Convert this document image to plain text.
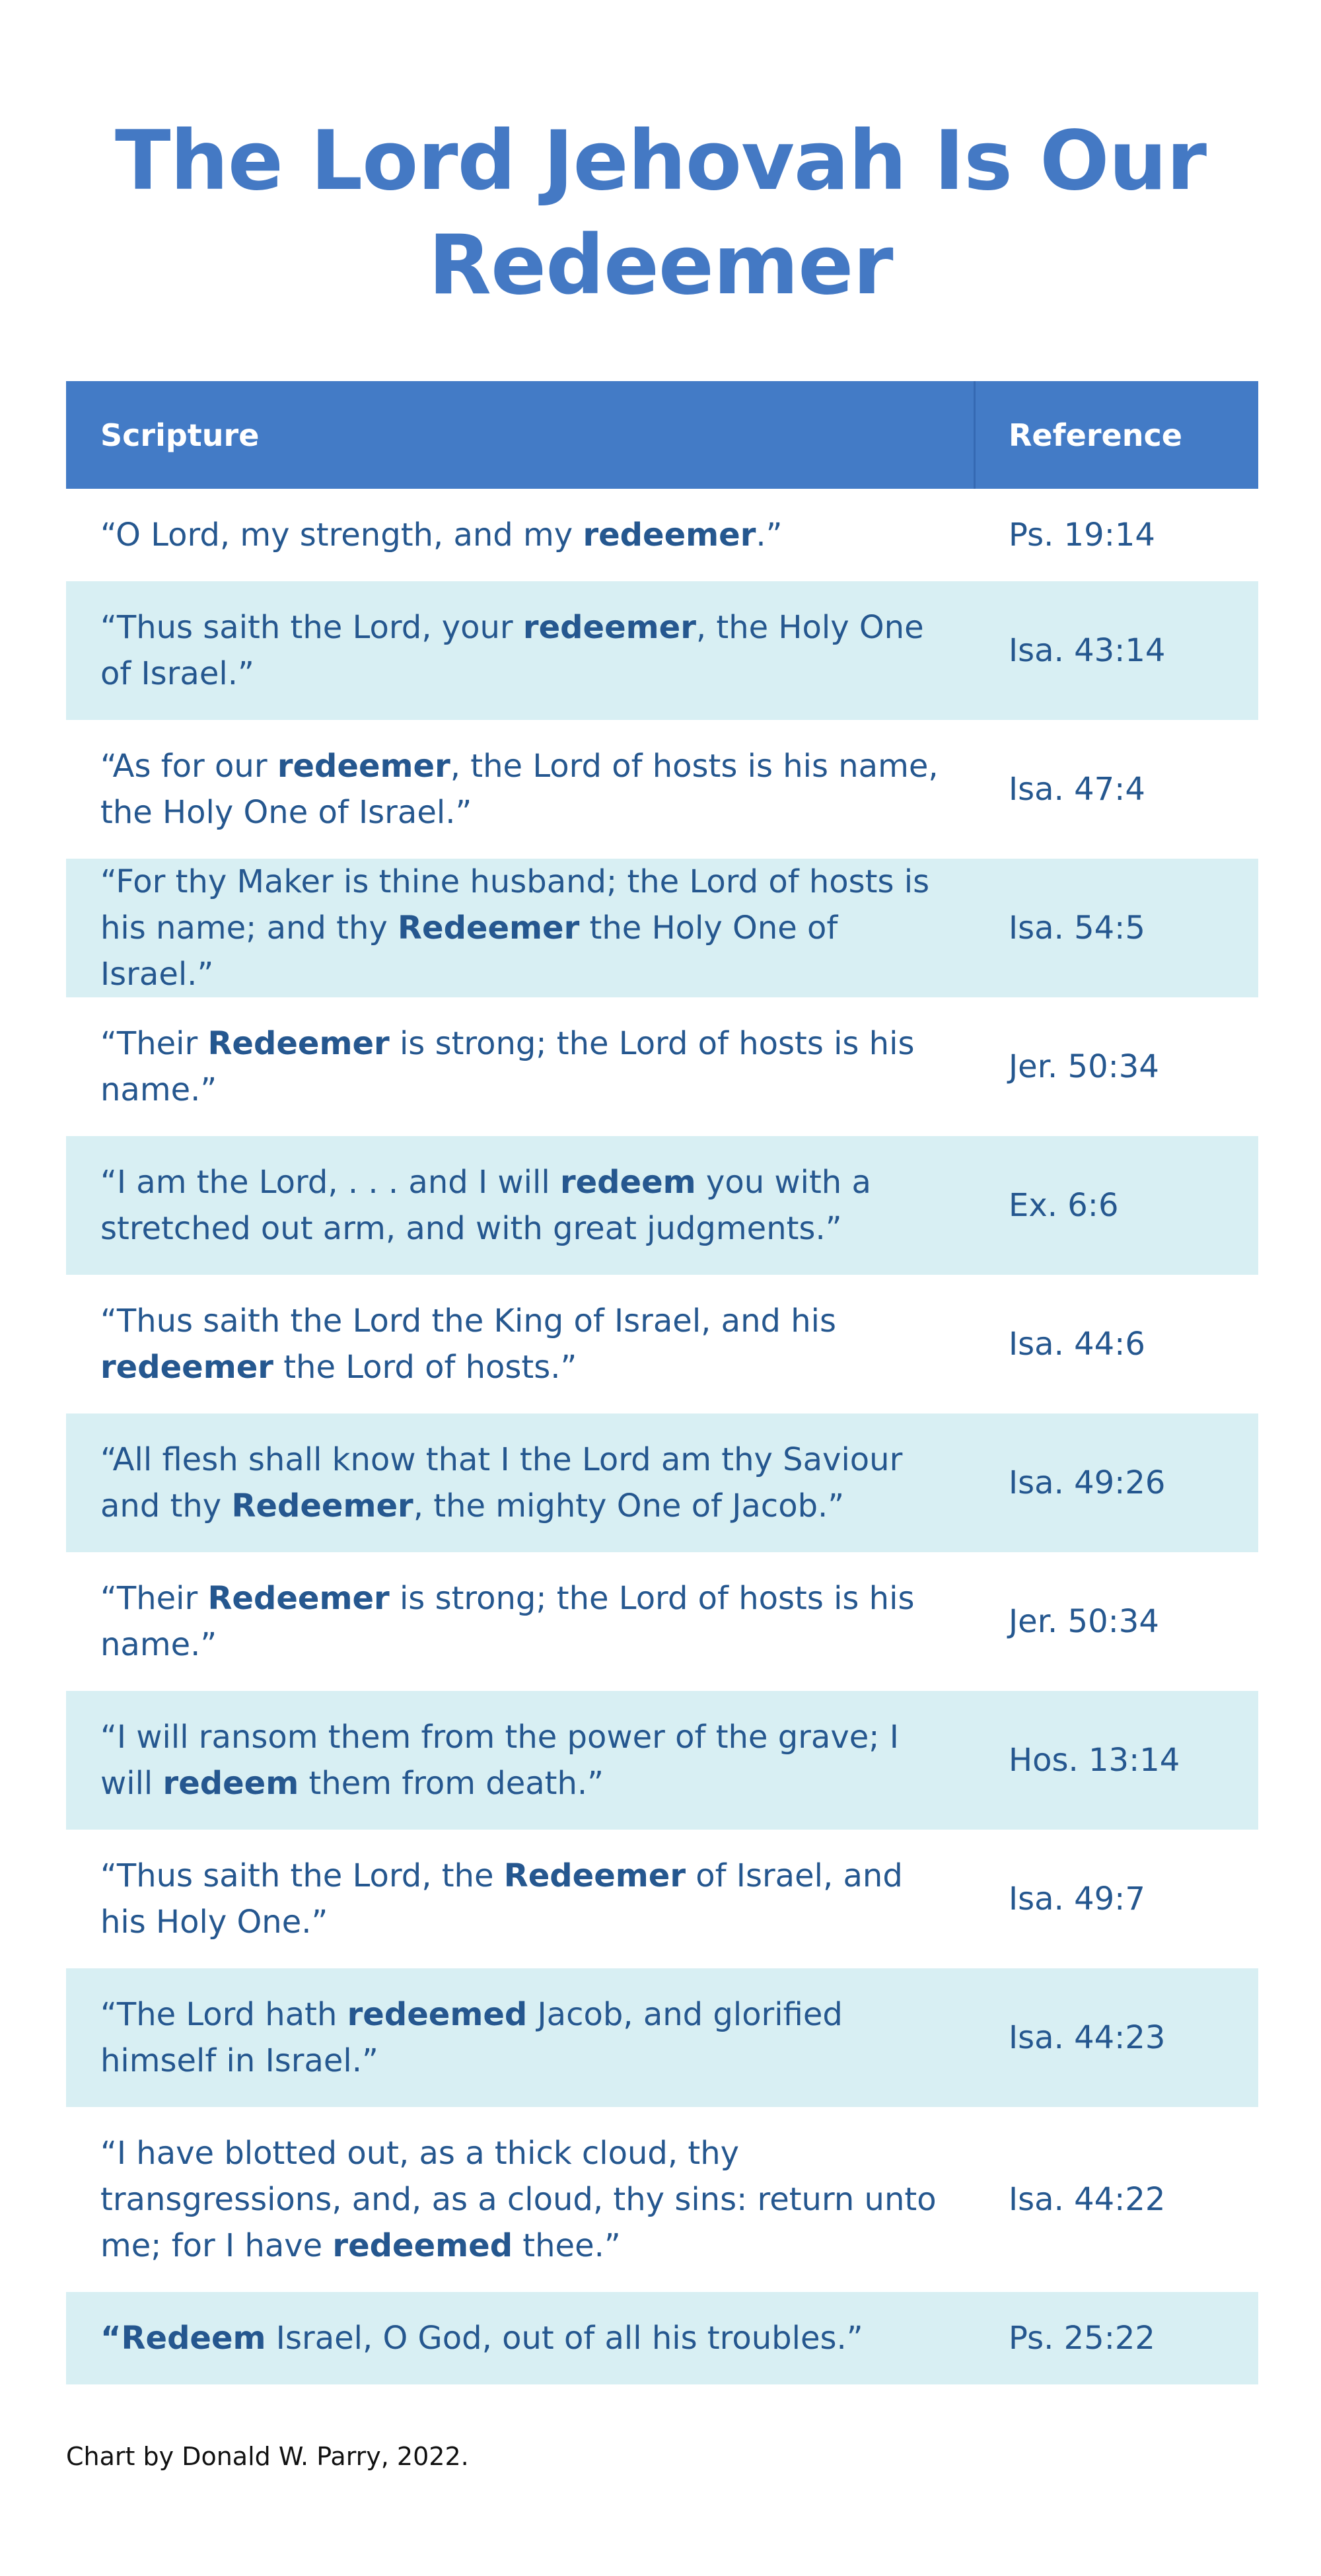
The Lord Jehovah Is Our Redeemer
Scripture	Reference
“O Lord, my strength, and my redeemer.”	Ps. 19:14
“Thus saith the Lord, your redeemer, the Holy One of Israel.”
Isa. 43:14
“As for our redeemer, the Lord of hosts is his name, the Holy One of Israel.”
Isa. 47:4
“For thy Maker is thine husband; the Lord of hosts is his name; and thy Redeemer the Holy One of Israel.”
Isa. 54:5
“Their Redeemer is strong; the Lord of hosts is his name.”
Jer. 50:34
“I am the Lord, . . . and I will redeem you with a stretched out arm, and with great judgments.”
Ex. 6:6
“Thus saith the Lord the King of Israel, and his redeemer the Lord of hosts.”
Isa. 44:6
“All flesh shall know that I the Lord am thy Saviour and thy Redeemer, the mighty One of Jacob.”
Isa. 49:26
“Their Redeemer is strong; the Lord of hosts is his name.”
Jer. 50:34
“I will ransom them from the power of the grave; I will redeem them from death.”
Hos. 13:14
“Thus saith the Lord, the Redeemer of Israel, and his Holy One.”
Isa. 49:7
“The Lord hath redeemed Jacob, and glorified himself in Israel.”
Isa. 44:23
“I have blotted out, as a thick cloud, thy transgressions, and, as a cloud, thy sins: return unto me; for I have redeemed thee.”
Isa. 44:22
“Redeem Israel, O God, out of all his troubles.”	Ps. 25:22
Chart by Donald W. Parry, 2022.
